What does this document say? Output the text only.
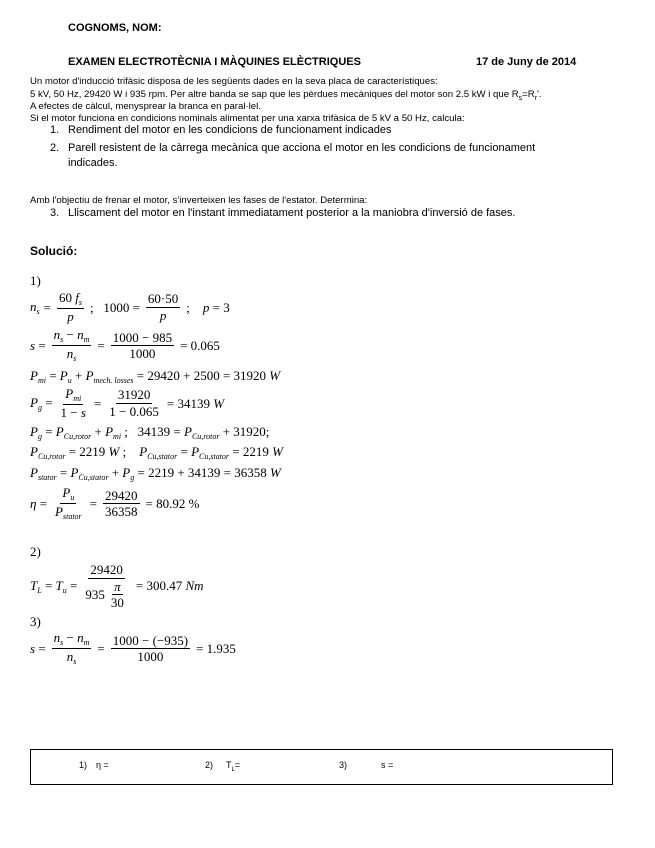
COGNOMS, NOM:
EXAMEN ELECTROTÈCNIA I MÀQUINES ELÈCTRIQUES	17 de Juny de 2014
Un motor d'inducció trifàsic disposa de les següents dades en la seva placa de característiques:
5 kV, 50 Hz, 29420 W i 935 rpm. Per altre banda se sap que les pèrdues mecàniques del motor son 2.5 kW i que $R_s=R_r'$.
A efectes de càlcul, menysprear la branca en paral·lel.
Si el motor funciona en condicions nominals alimentat per una xarxa trifàsica de 5 kV a 50 Hz, calcula:
1. Rendiment del motor en les condicions de funcionament indicades
2. Parell resistent de la càrrega mecànica que acciona el motor en les condicions de funcionament
indicades.
Amb l'objectiu de frenar el motor, s'inverteixen les fases de l'estator. Determina:
3. Lliscament del motor en l'instant immediatament posterior a la maniobra d'inversió de fases.
Solució:
1)
$n_s = \frac{60 f_s}{p}$ ;   $1000 = \frac{60\cdot 50}{p}$ ;    p = 3
$s = \frac{n_s - n_m}{n_s} = \frac{1000 - 985}{1000} = 0.065$
$P_{mi} = P_u + P_{mech. losses} = 29420 + 2500 = 31920$ W
$P_g = \frac{P_{mi}}{1 - s} = \frac{31920}{1 - 0.065} = 34139$ W
$P_g = P_{Cu,rotor} + P_{mi}$ ;   $34139 = P_{Cu,rotor} + 31920$;
$P_{Cu,rotor} = 2219$ W ;    $P_{Cu,stator} = P_{Cu,stator} = 2219$ W
$P_{stator} = P_{Cu,stator} + P_g = 2219 + 34139 = 36358$ W
$\eta = \frac{P_u}{P_{stator}} = \frac{29420}{36358} = 80.92$ %
2)
$T_L = T_u = \frac{29420}{935 \frac{\pi}{30}} = 300.47$ Nm
3)
$s = \frac{n_s - n_m}{n_s} = \frac{1000 - (-935)}{1000} = 1.935$
1) η =	2) $T_L=$	3)	s =
